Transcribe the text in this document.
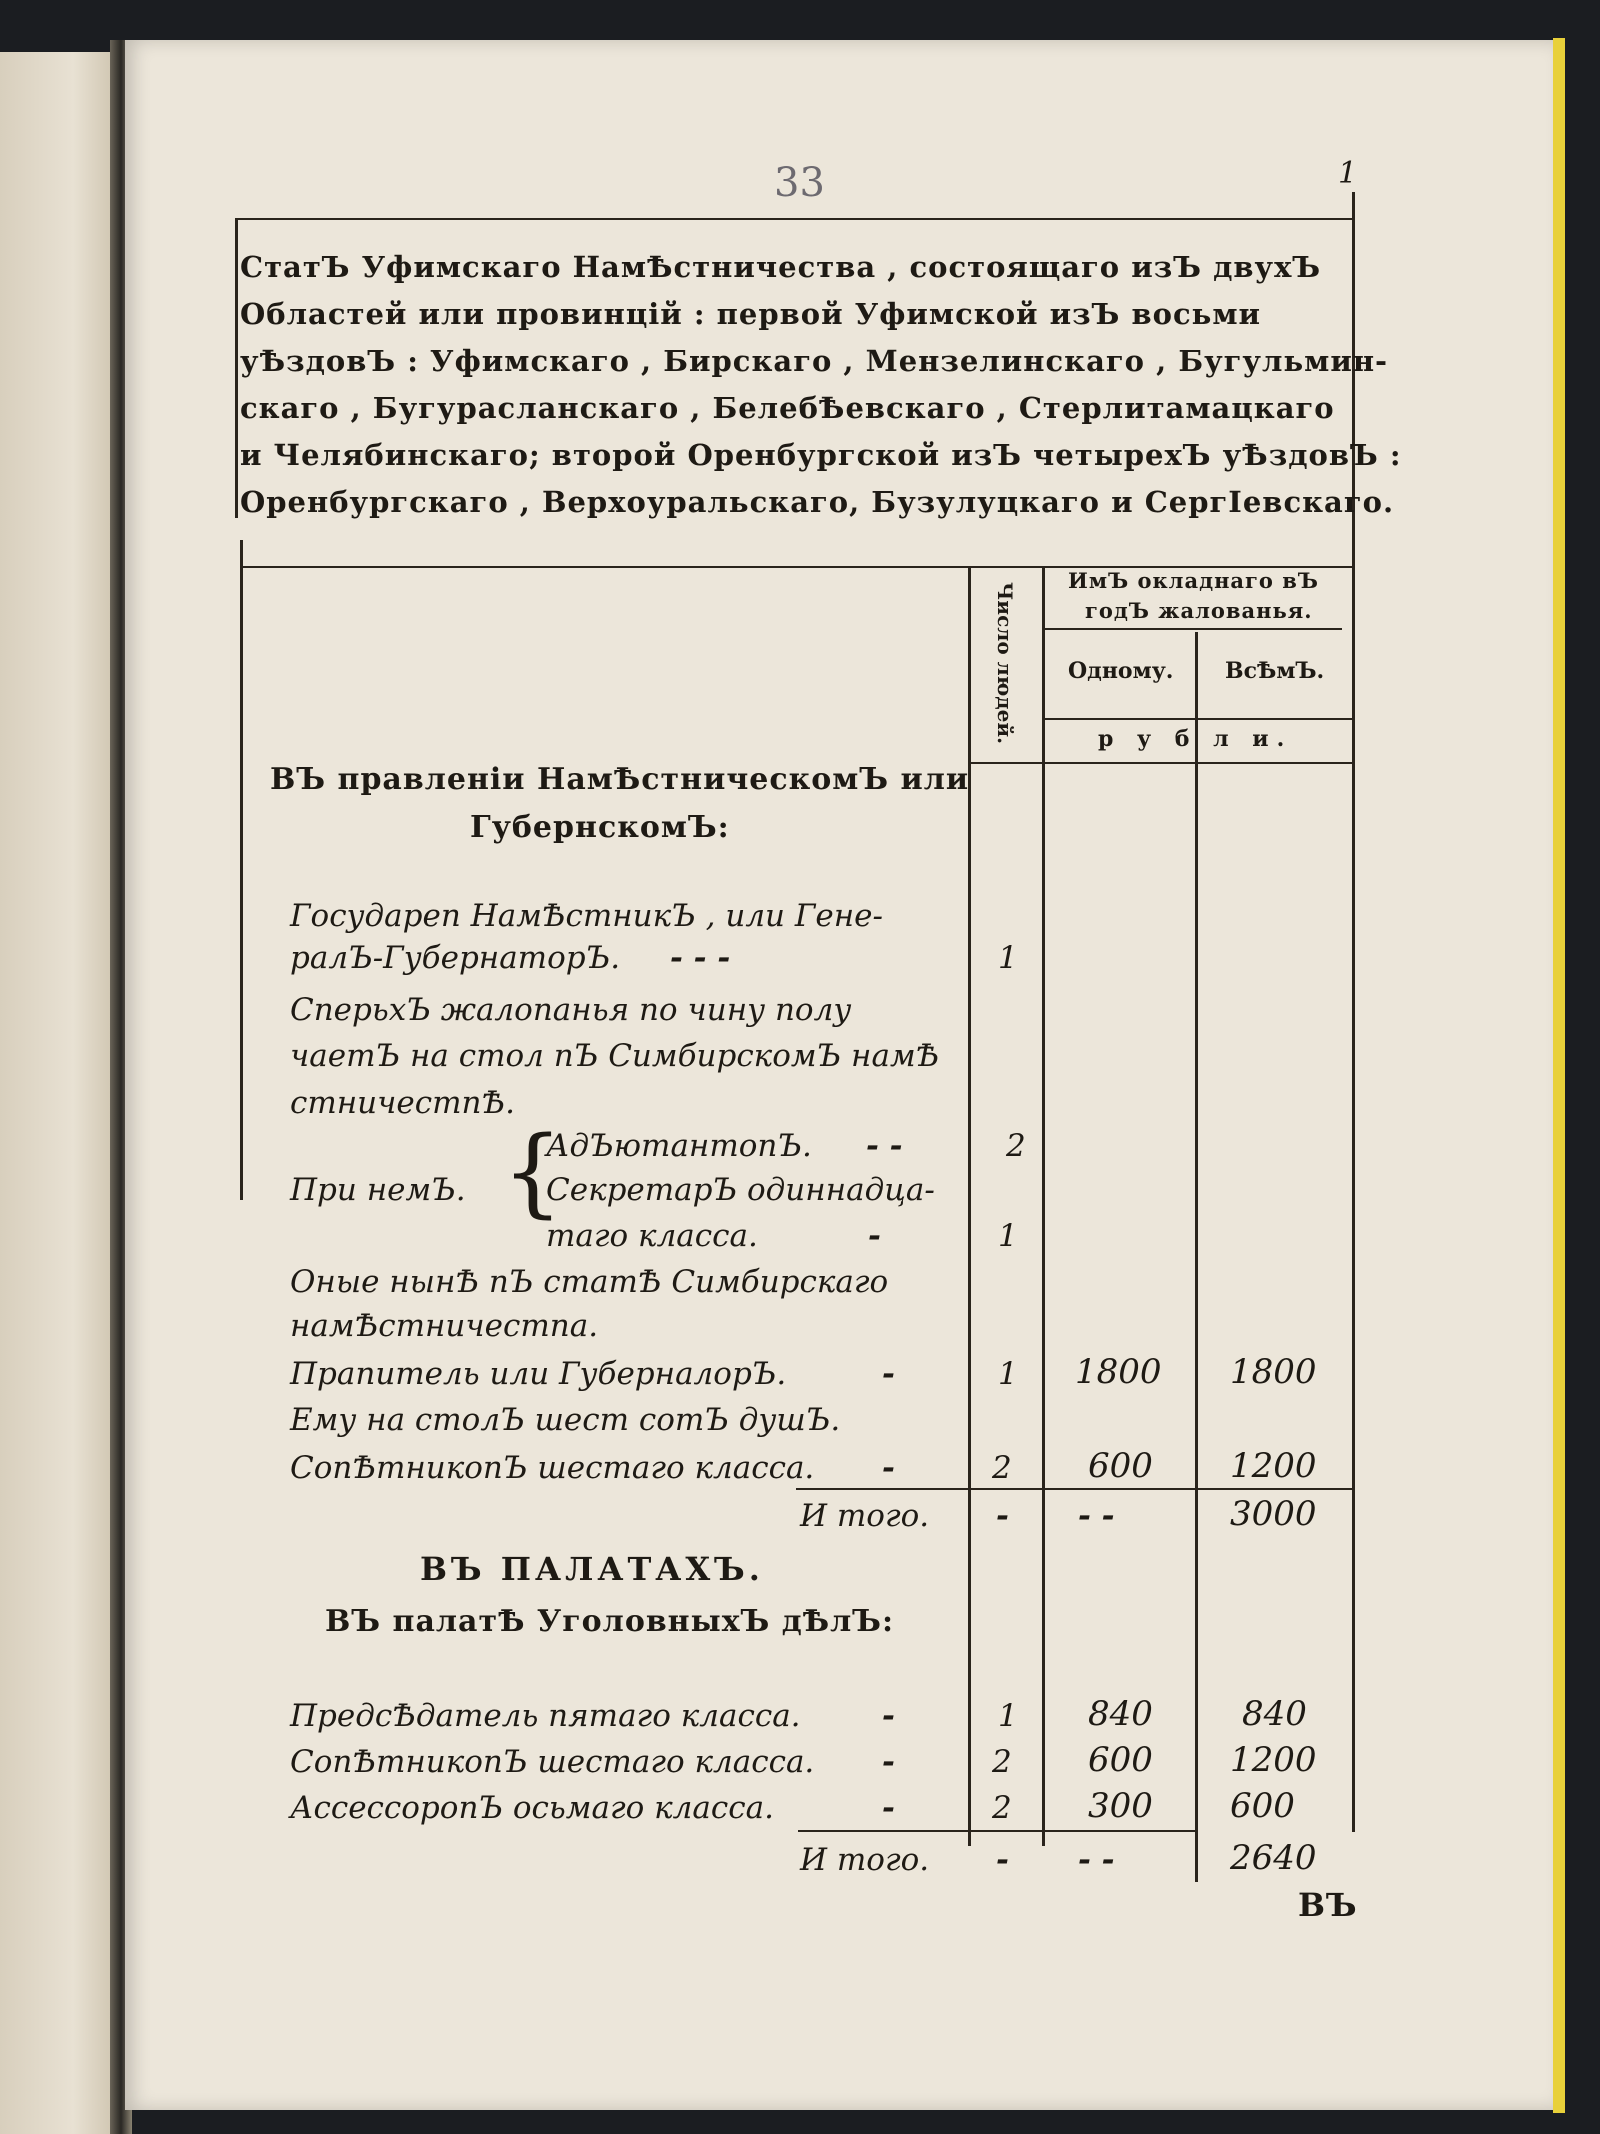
33	1
СтатЪ Уфимскаго НамѢстничества , состоящаго изЪ двухЪ
Областей или провинцій : первой Уфимской изЪ восьми
уѢздовЪ : Уфимскаго , Бирскаго , Мензелинскаго , Бугульмин-
скаго , Бугурасланскаго , БелебѢевскаго , Стерлитамацкаго
и Челябинскаго; второй Оренбургской изЪ четырехЪ уѢздовЪ :
Оренбургскаго , Верхоуральскаго, Бузулуцкаго и СергІевскаго.
Число людей.
ИмЪ окладнаго вЪ
годЪ жалованья.
Одному. ВсѢмЪ.
р у б л и.
ВЪ правленіи НамѢстническомЪ или
ГубернскомЪ:
Государеп НамѢстникЪ , или Гене-
ралЪ-ГубернаторЪ. - - -	1
СперьхЪ жалопанья по чину полу
чаетЪ на стол пЪ СимбирскомЪ намѢ
стничестпѢ.
{
При немЪ.
АдЪютантопЪ. - -	2
СекретарЪ одиннадца-
таго класса.	-	1
Оные нынѢ пЪ статѢ Симбирскаго
намѢстничестпа.
Прапитель или ГуберналорЪ.	-	1 1800 1800
Ему на столЪ шест сотЪ душЪ.
СопѢтникопЪ шестаго класса. -	2 600 1200
И того. - - -	3000
ВЪ ПАЛАТАХЪ.
ВЪ палатѢ УголовныхЪ дѢлЪ:
ПредсѢдатель пятаго класса.	-	1 840	840
СопѢтникопЪ шестаго класса. -	2 600 1200
АссессоропЪ осьмаго класса.	-	2 300 600
И того. - - -	2640
ВЪ
